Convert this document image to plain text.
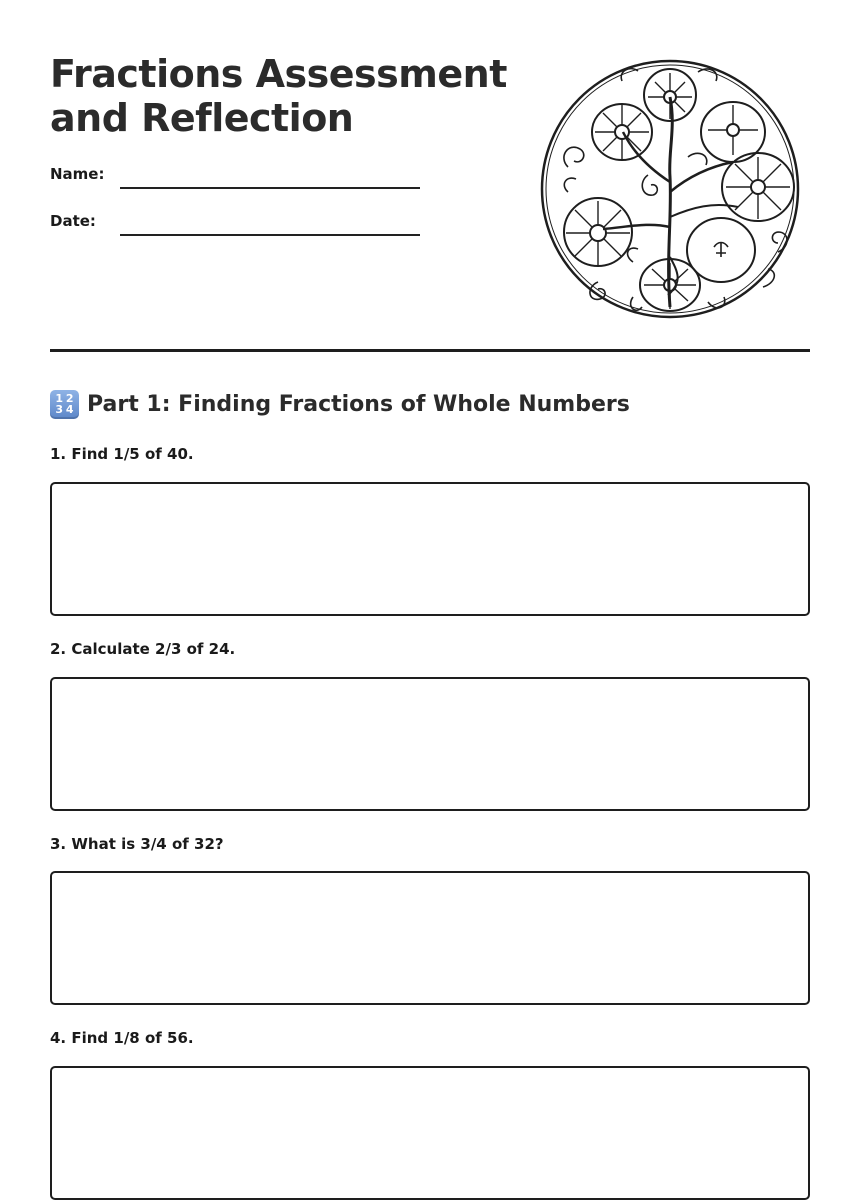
Fractions Assessment
and Reflection
Name:
Date:
1 2
3 4 Part 1: Finding Fractions of Whole Numbers
1. Find 1/5 of 40.
2. Calculate 2/3 of 24.
3. What is 3/4 of 32?
4. Find 1/8 of 56.
